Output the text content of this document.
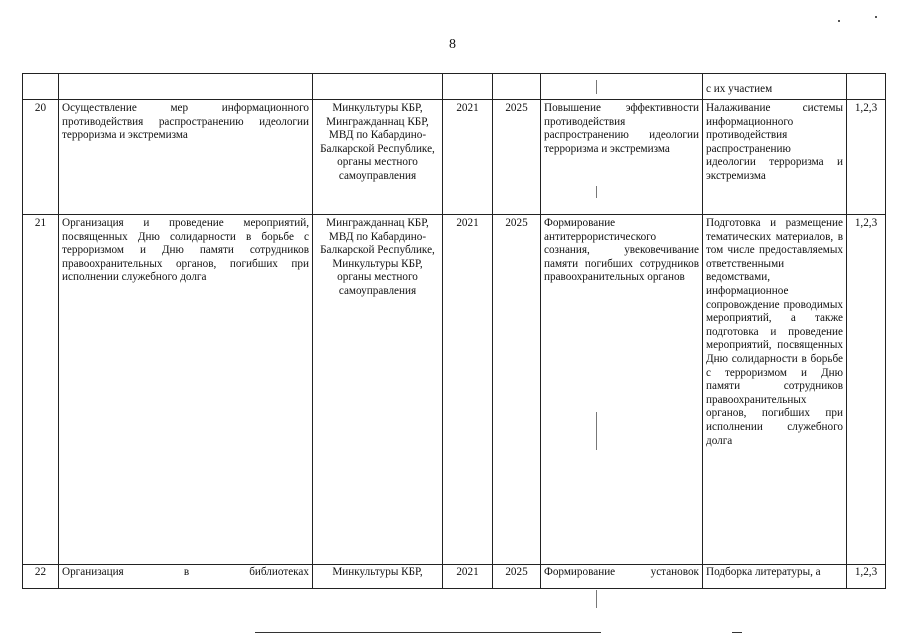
8
						с их участием	
20	Осуществление мер информационного противодействия распространению идеологии терроризма и экстремизма	Минкультуры КБР, Мингражданнац КБР, МВД по Кабардино-Балкарской Республике, органы местного самоуправления	2021	2025	Повышение эффективности противодействия распространению идеологии терроризма и экстремизма	Налаживание системы информационного противодействия распространению идеологии терроризма и экстремизма	1,2,3
21	Организация и проведение мероприятий, посвященных Дню солидарности в борьбе с терроризмом и Дню памяти сотрудников правоохранительных органов, погибших при исполнении служебного долга	Мингражданнац КБР, МВД по Кабардино-Балкарской Республике, Минкультуры КБР, органы местного самоуправления	2021	2025	Формирование антитеррористического сознания, увековечивание памяти погибших сотрудников правоохранительных органов	Подготовка и размещение тематических материалов, в том числе предоставляемых ответственными ведомствами, информационное сопровождение проводимых мероприятий, а также подготовка и проведение мероприятий, посвященных Дню солидарности в борьбе с терроризмом и Дню памяти сотрудников правоохранительных органов, погибших при исполнении служебного долга	1,2,3
22	Организация в библиотеках	Минкультуры КБР,	2021	2025	Формирование установок	Подборка литературы, а	1,2,3
